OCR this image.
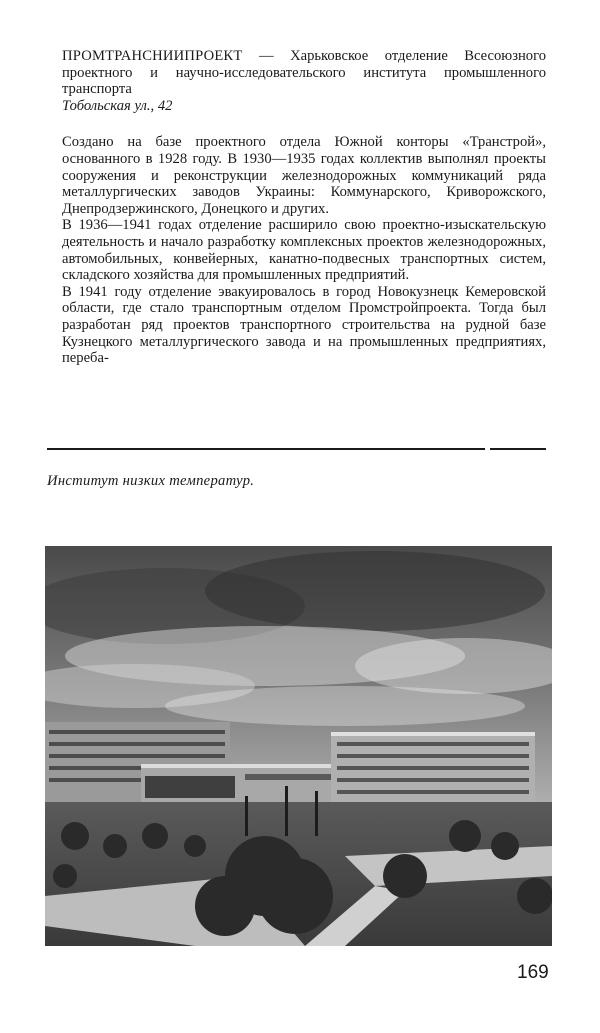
ПРОМТРАНСНИИПРОЕКТ — Харьковское отделение Всесоюзного проектного и научно-исследовательского института промышленного транспорта

Тобольская ул., 42

Создано на базе проектного отдела Южной конторы «Транстрой», основанного в 1928 году. В 1930—1935 годах коллектив выполнял проекты сооружения и реконструкции железнодорожных коммуникаций ряда металлургических заводов Украины: Коммунарского, Криворожского, Днепродзержинского, Донецкого и других.

В 1936—1941 годах отделение расширило свою проектно-изыскательскую деятельность и начало разработку комплексных проектов железнодорожных, автомобильных, конвейерных, канатно-подвесных транспортных систем, складского хозяйства для промышленных предприятий.

В 1941 году отделение эвакуировалось в город Новокузнецк Кемеровской области, где стало транспортным отделом Промстройпроекта. Тогда был разработан ряд проектов транспортного строительства на рудной базе Кузнецкого металлургического завода и на промышленных предприятиях, переба-

Институт низких температур.
169
